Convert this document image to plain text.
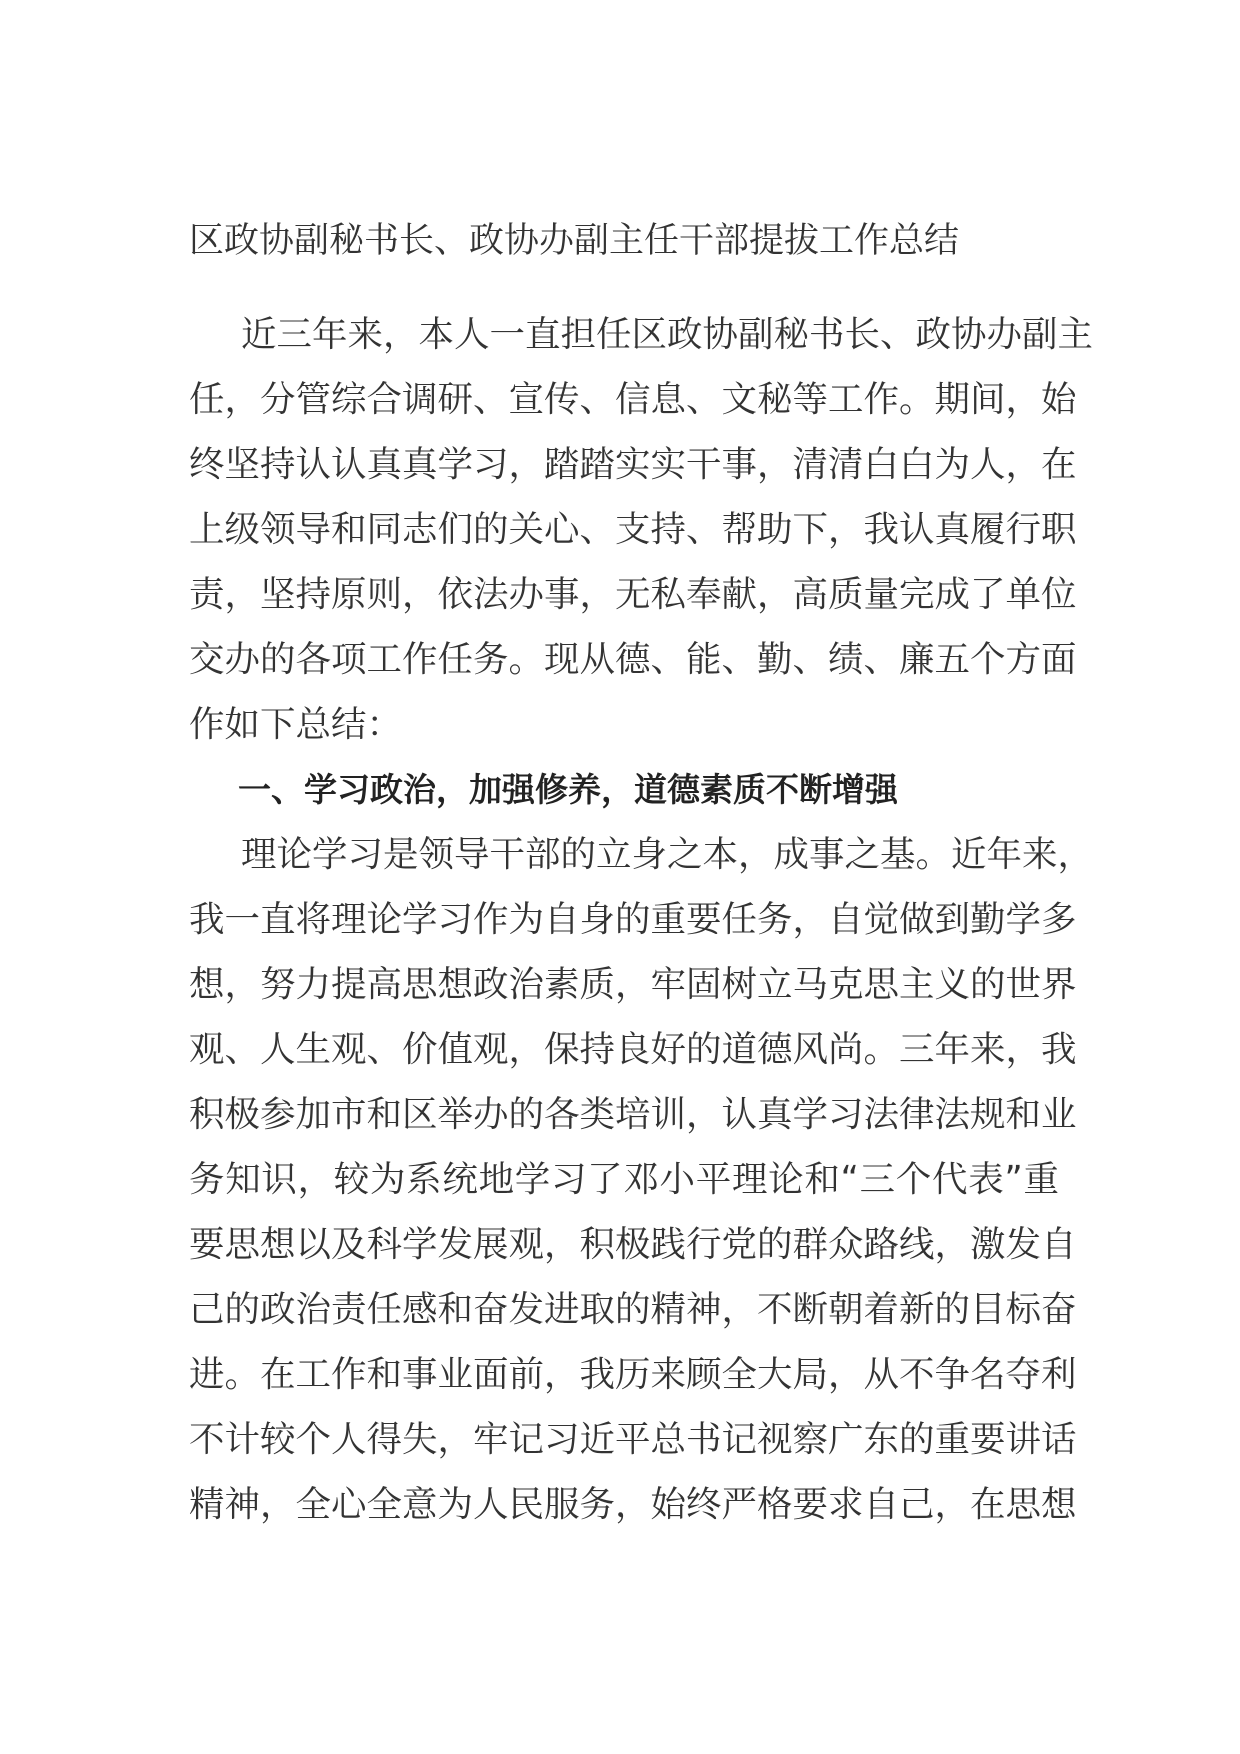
区政协副秘书长、政协办副主任干部提拔工作总结

近三年来，本人一直担任区政协副秘书长、政协办副主
任，分管综合调研、宣传、信息、文秘等工作。期间，始
终坚持认认真真学习，踏踏实实干事，清清白白为人，在
上级领导和同志们的关心、支持、帮助下，我认真履行职
责，坚持原则，依法办事，无私奉献，高质量完成了单位
交办的各项工作任务。现从德、能、勤、绩、廉五个方面
作如下总结：

一、学习政治，加强修养，道德素质不断增强

理论学习是领导干部的立身之本，成事之基。近年来，
我一直将理论学习作为自身的重要任务，自觉做到勤学多
想，努力提高思想政治素质，牢固树立马克思主义的世界
观、人生观、价值观，保持良好的道德风尚。三年来，我
积极参加市和区举办的各类培训，认真学习法律法规和业
务知识，较为系统地学习了邓小平理论和“三个代表”重
要思想以及科学发展观，积极践行党的群众路线，激发自
己的政治责任感和奋发进取的精神，不断朝着新的目标奋
进。在工作和事业面前，我历来顾全大局，从不争名夺利
不计较个人得失，牢记习近平总书记视察广东的重要讲话
精神，全心全意为人民服务，始终严格要求自己，在思想
